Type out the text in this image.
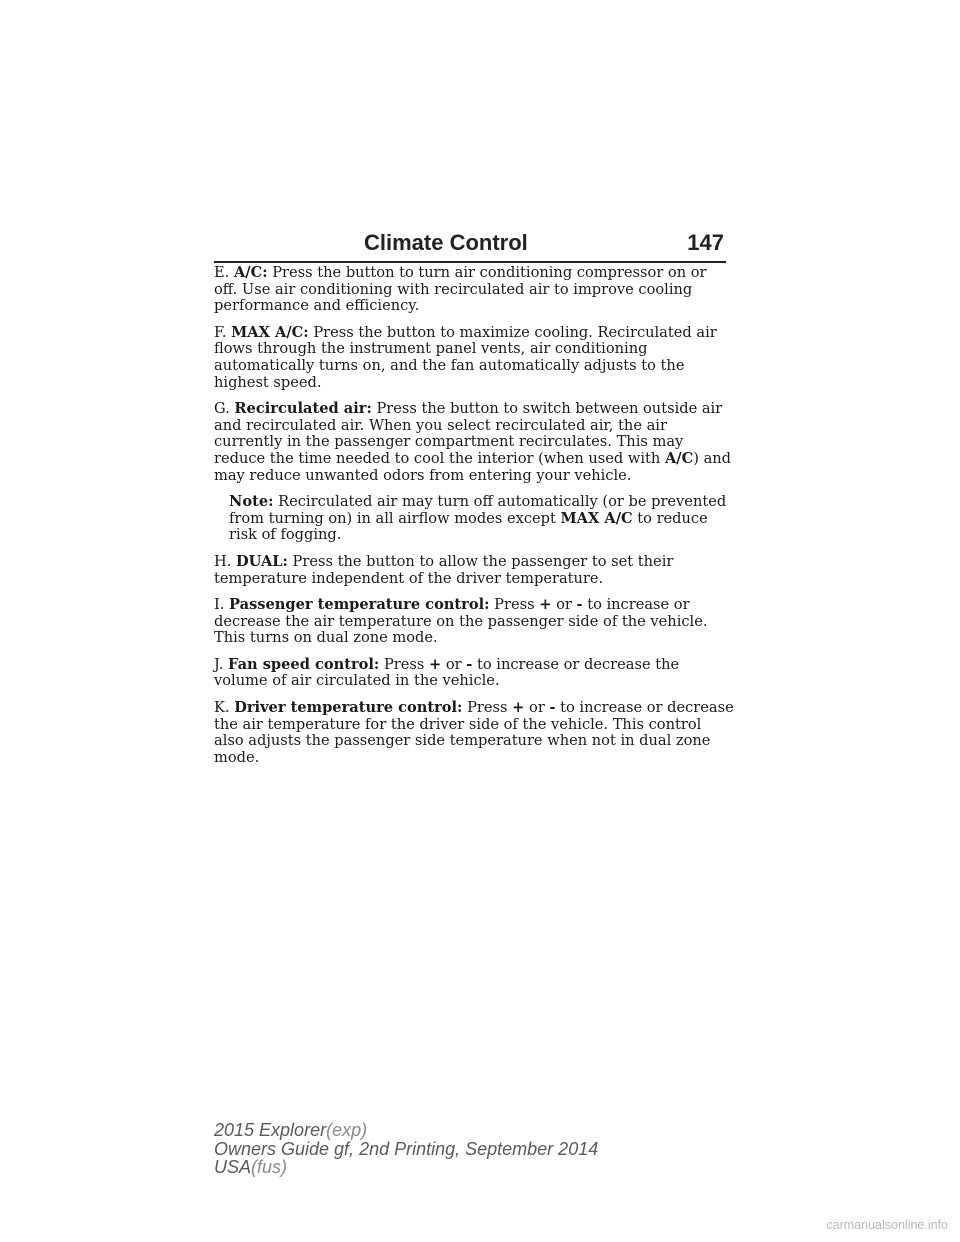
Climate Control	147

E. A/C: Press the button to turn air conditioning compressor on or off. Use air conditioning with recirculated air to improve cooling performance and efficiency.

F. MAX A/C: Press the button to maximize cooling. Recirculated air flows through the instrument panel vents, air conditioning automatically turns on, and the fan automatically adjusts to the highest speed.

G. Recirculated air: Press the button to switch between outside air and recirculated air. When you select recirculated air, the air currently in the passenger compartment recirculates. This may reduce the time needed to cool the interior (when used with A/C) and may reduce unwanted odors from entering your vehicle.

Note: Recirculated air may turn off automatically (or be prevented from turning on) in all airflow modes except MAX A/C to reduce risk of fogging.

H. DUAL: Press the button to allow the passenger to set their temperature independent of the driver temperature.

I. Passenger temperature control: Press + or - to increase or decrease the air temperature on the passenger side of the vehicle. This turns on dual zone mode.

J. Fan speed control: Press + or - to increase or decrease the volume of air circulated in the vehicle.

K. Driver temperature control: Press + or - to increase or decrease the air temperature for the driver side of the vehicle. This control also adjusts the passenger side temperature when not in dual zone mode.

2015 Explorer(exp)
Owners Guide gf, 2nd Printing, September 2014
USA(fus)
carmanualsonline.info
